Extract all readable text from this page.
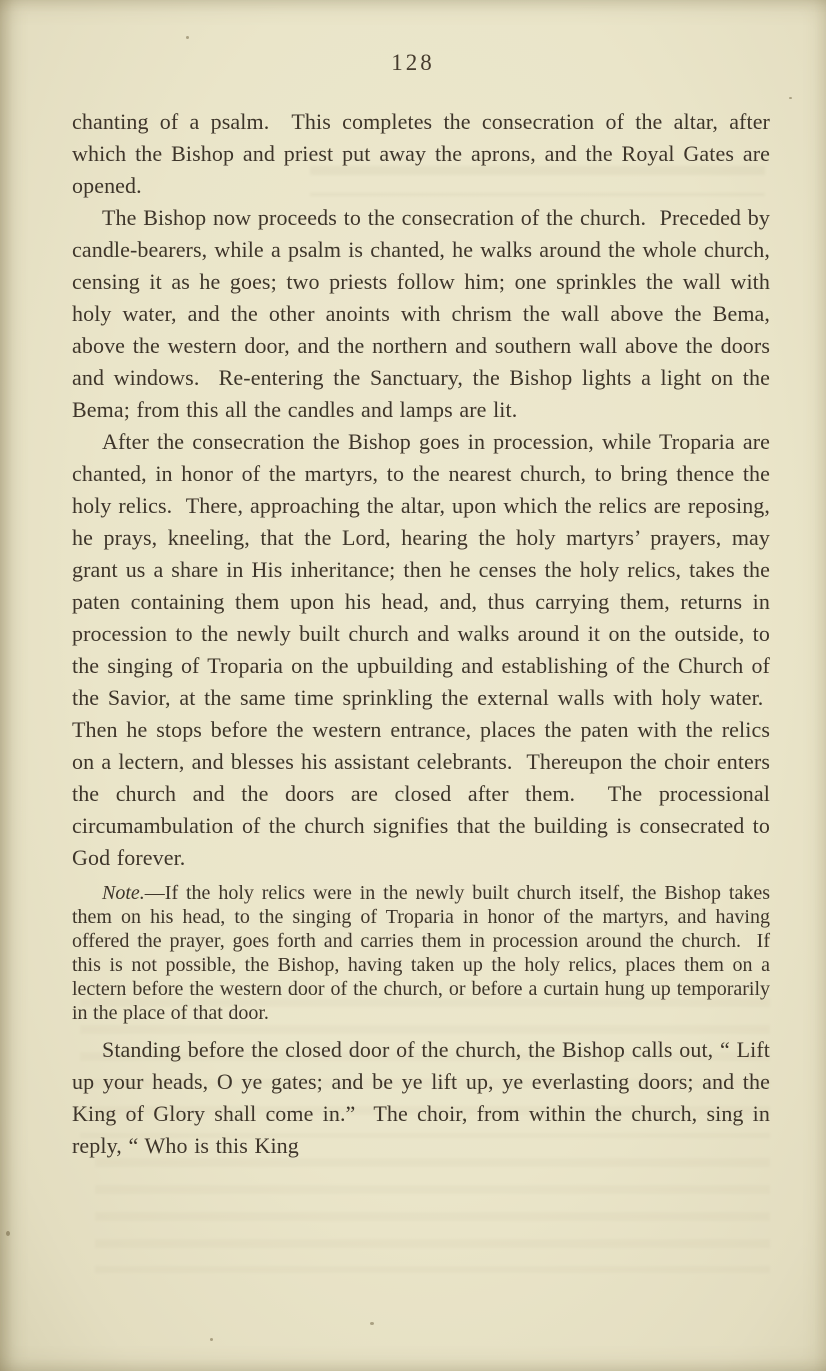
128

chanting of a psalm.  This completes the consecration of the altar, after which the Bishop and priest put away the aprons, and the Royal Gates are opened.

The Bishop now proceeds to the consecration of the church.  Preceded by candle-bearers, while a psalm is chanted, he walks around the whole church, censing it as he goes; two priests follow him; one sprinkles the wall with holy water, and the other anoints with chrism the wall above the Bema, above the western door, and the northern and southern wall above the doors and windows.  Re-entering the Sanctuary, the Bishop lights a light on the Bema; from this all the candles and lamps are lit.

After the consecration the Bishop goes in procession, while Troparia are chanted, in honor of the martyrs, to the nearest church, to bring thence the holy relics.  There, approaching the altar, upon which the relics are reposing, he prays, kneeling, that the Lord, hearing the holy martyrs’ prayers, may grant us a share in His inheritance; then he censes the holy relics, takes the paten containing them upon his head, and, thus carrying them, returns in procession to the newly built church and walks around it on the outside, to the singing of Troparia on the upbuilding and establishing of the Church of the Savior, at the same time sprinkling the external walls with holy water.  Then he stops before the western entrance, places the paten with the relics on a lectern, and blesses his assistant celebrants.  Thereupon the choir enters the church and the doors are closed after them.  The processional circumambulation of the church signifies that the building is consecrated to God forever.

Note.—If the holy relics were in the newly built church itself, the Bishop takes them on his head, to the singing of Troparia in honor of the martyrs, and having offered the prayer, goes forth and carries them in procession around the church.  If this is not possible, the Bishop, having taken up the holy relics, places them on a lectern before the western door of the church, or before a curtain hung up temporarily in the place of that door.

Standing before the closed door of the church, the Bishop calls out, “ Lift up your heads, O ye gates; and be ye lift up, ye everlasting doors; and the King of Glory shall come in.”  The choir, from within the church, sing in reply, “ Who is this King
